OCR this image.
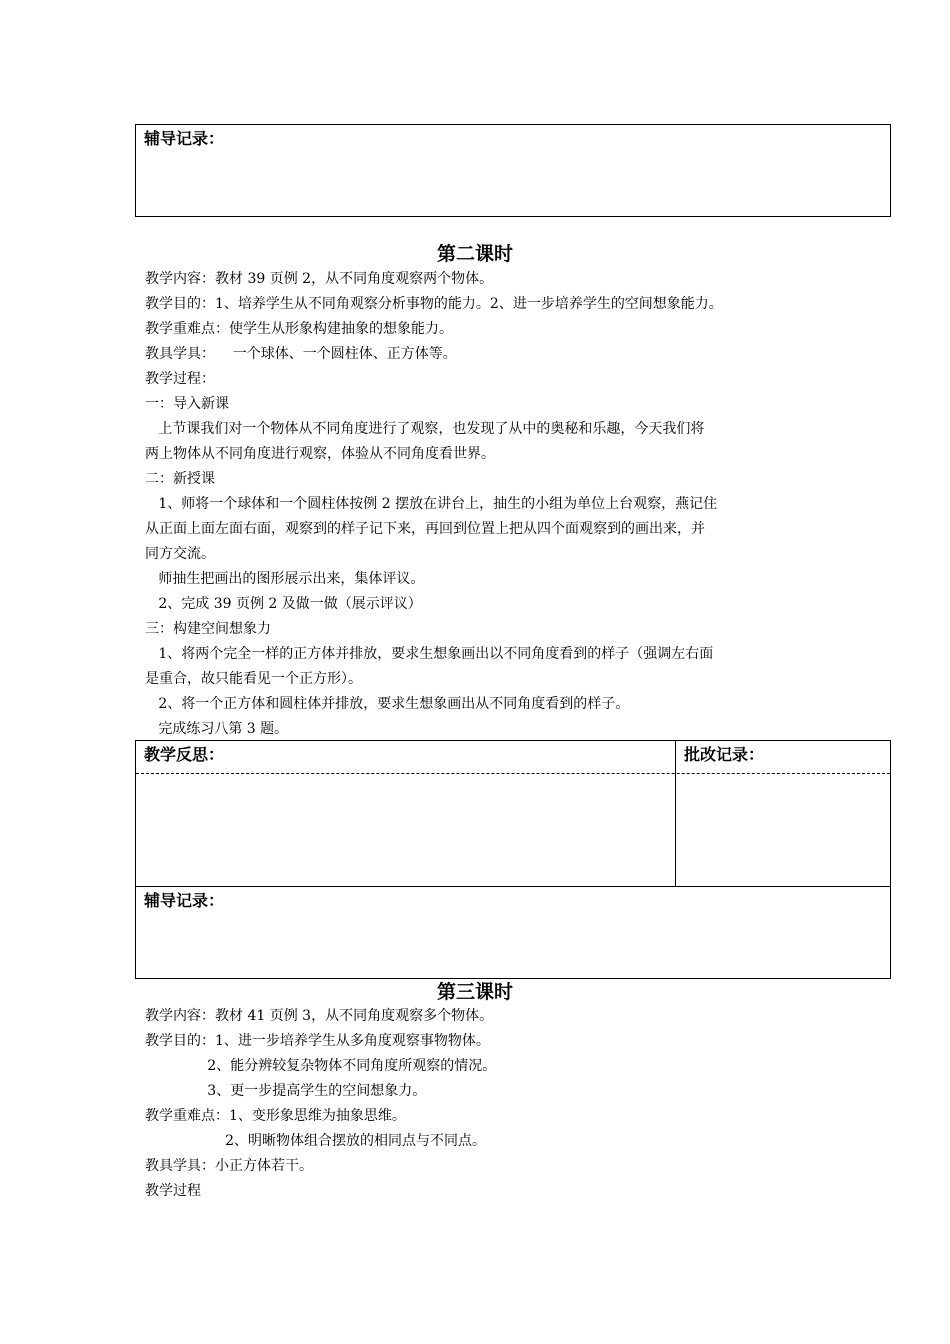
辅导记录：
第二课时
教学内容：教材 39 页例 2，从不同角度观察两个物体。
教学目的：1、培养学生从不同角观察分析事物的能力。2、进一步培养学生的空间想象能力。
教学重难点：使学生从形象构建抽象的想象能力。
教具学具：    一个球体、一个圆柱体、正方体等。
教学过程：
一：导入新课
上节课我们对一个物体从不同角度进行了观察，也发现了从中的奥秘和乐趣，今天我们将
两上物体从不同角度进行观察，体验从不同角度看世界。
二：新授课
1、师将一个球体和一个圆柱体按例 2 摆放在讲台上，抽生的小组为单位上台观察，燕记住
从正面上面左面右面，观察到的样子记下来，再回到位置上把从四个面观察到的画出来，并
同方交流。
师抽生把画出的图形展示出来，集体评议。
2、完成 39 页例 2 及做一做（展示评议）
三：构建空间想象力
1、将两个完全一样的正方体并排放，要求生想象画出以不同角度看到的样子（强调左右面
是重合，故只能看见一个正方形）。
2、将一个正方体和圆柱体并排放，要求生想象画出从不同角度看到的样子。
完成练习八第 3 题。
教学反思：	批改记录：
辅导记录：
第三课时
教学内容：教材 41 页例 3，从不同角度观察多个物体。
教学目的：1、进一步培养学生从多角度观察事物物体。
2、能分辨较复杂物体不同角度所观察的情况。
3、更一步提高学生的空间想象力。
教学重难点：1、变形象思维为抽象思维。
2、明晰物体组合摆放的相同点与不同点。
教具学具：小正方体若干。
教学过程
